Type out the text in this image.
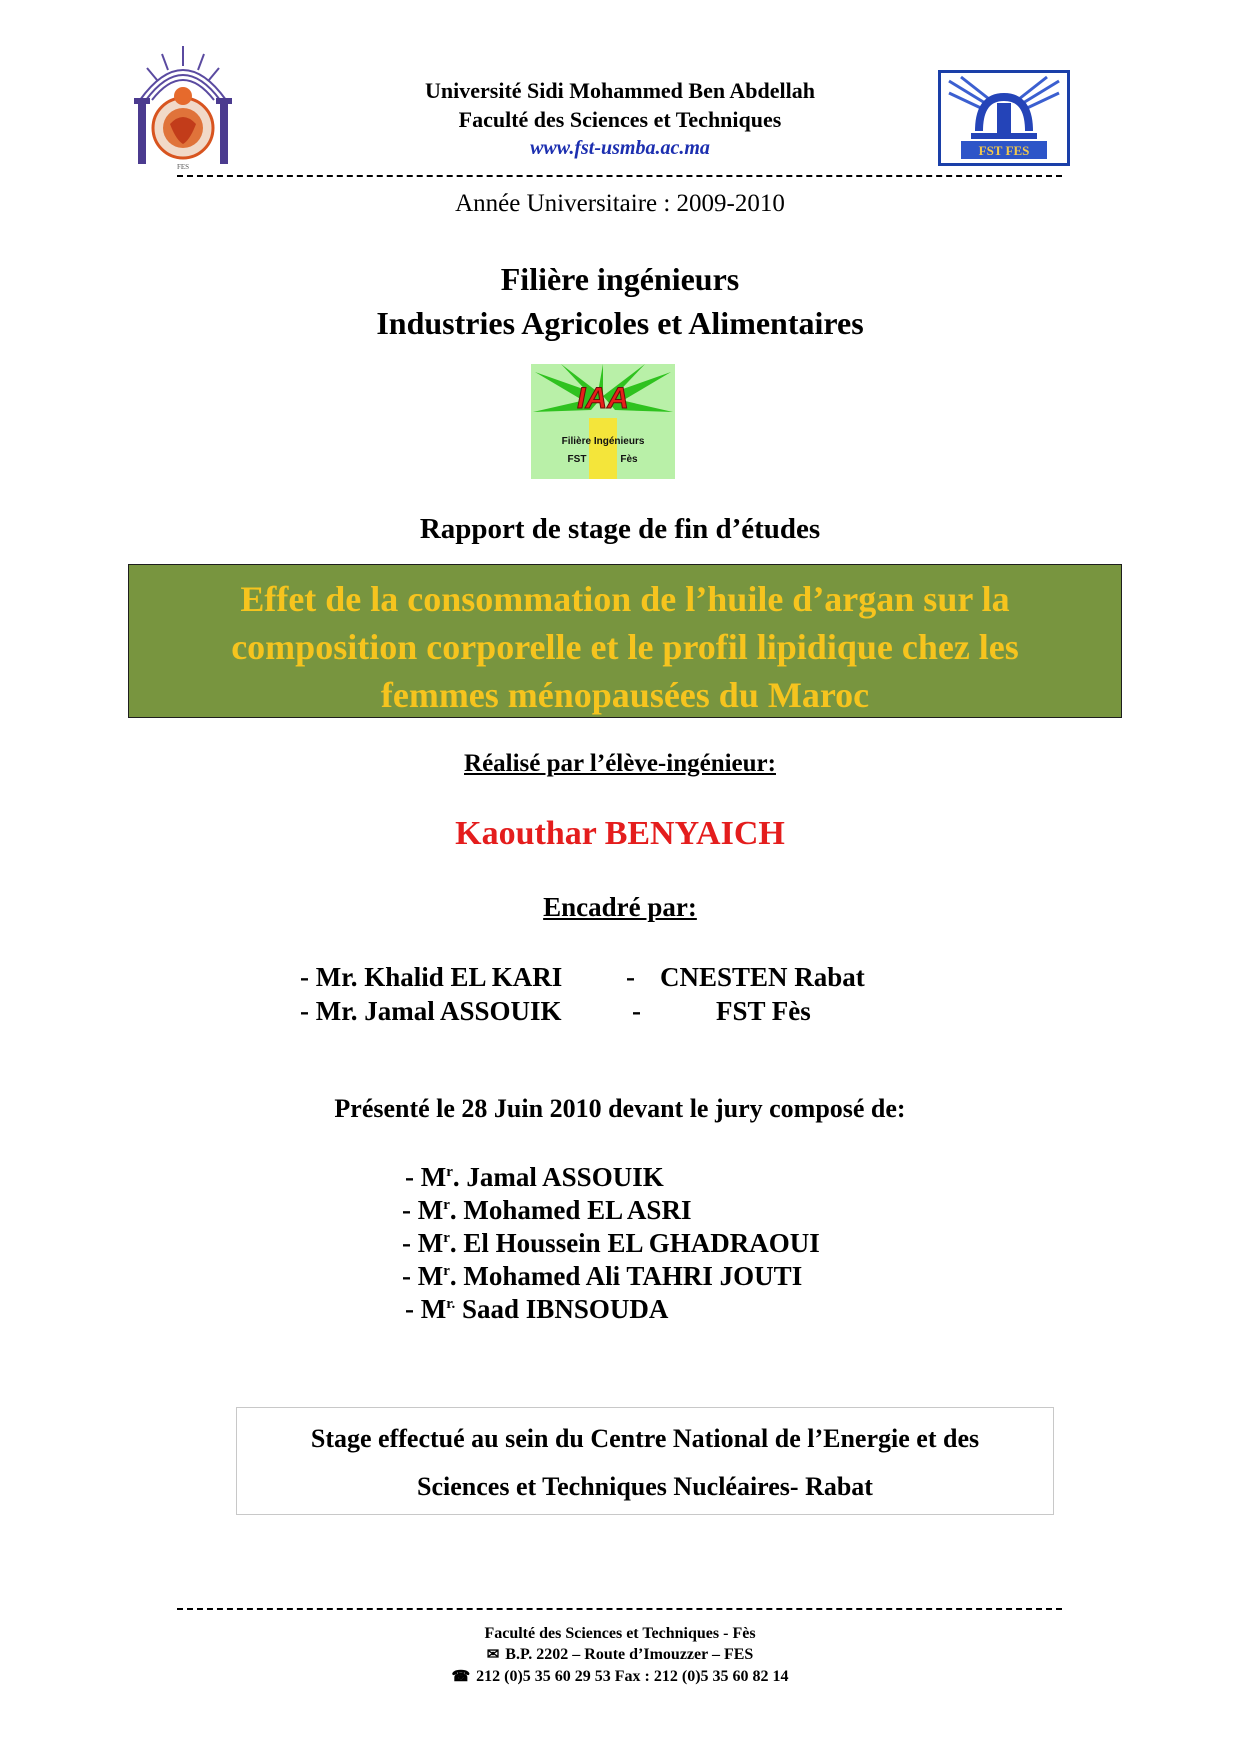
FES
FST FES
Université Sidi Mohammed Ben Abdellah
Faculté des Sciences et Techniques
www.fst-usmba.ac.ma
Année Universitaire : 2009-2010
Filière ingénieurs
Industries Agricoles et Alimentaires
IAA
Filière Ingénieurs
FST	Fès
Rapport de stage de fin d’études
Effet de la consommation de l’huile d’argan sur la
composition corporelle et le profil lipidique chez les
femmes ménopausées du Maroc
Réalisé par l’élève-ingénieur:
Kaouthar BENYAICH
Encadré par:
- Mr. Khalid EL KARI - CNESTEN Rabat
- Mr. Jamal ASSOUIK	-	FST Fès
Présenté le 28 Juin 2010 devant le jury composé de:
- $M^r$. Jamal ASSOUIK
- $M^r$. Mohamed EL ASRI
- $M^r$. El Houssein EL GHADRAOUI
- $M^r$. Mohamed Ali TAHRI JOUTI
- $M^{r.}$ Saad IBNSOUDA
Stage effectué au sein du Centre National de l’Energie et des
Sciences et Techniques Nucléaires- Rabat
Faculté des Sciences et Techniques - Fès
✉ B.P. 2202 – Route d’Imouzzer – FES
☎ 212 (0)5 35 60 29 53 Fax : 212 (0)5 35 60 82 14
